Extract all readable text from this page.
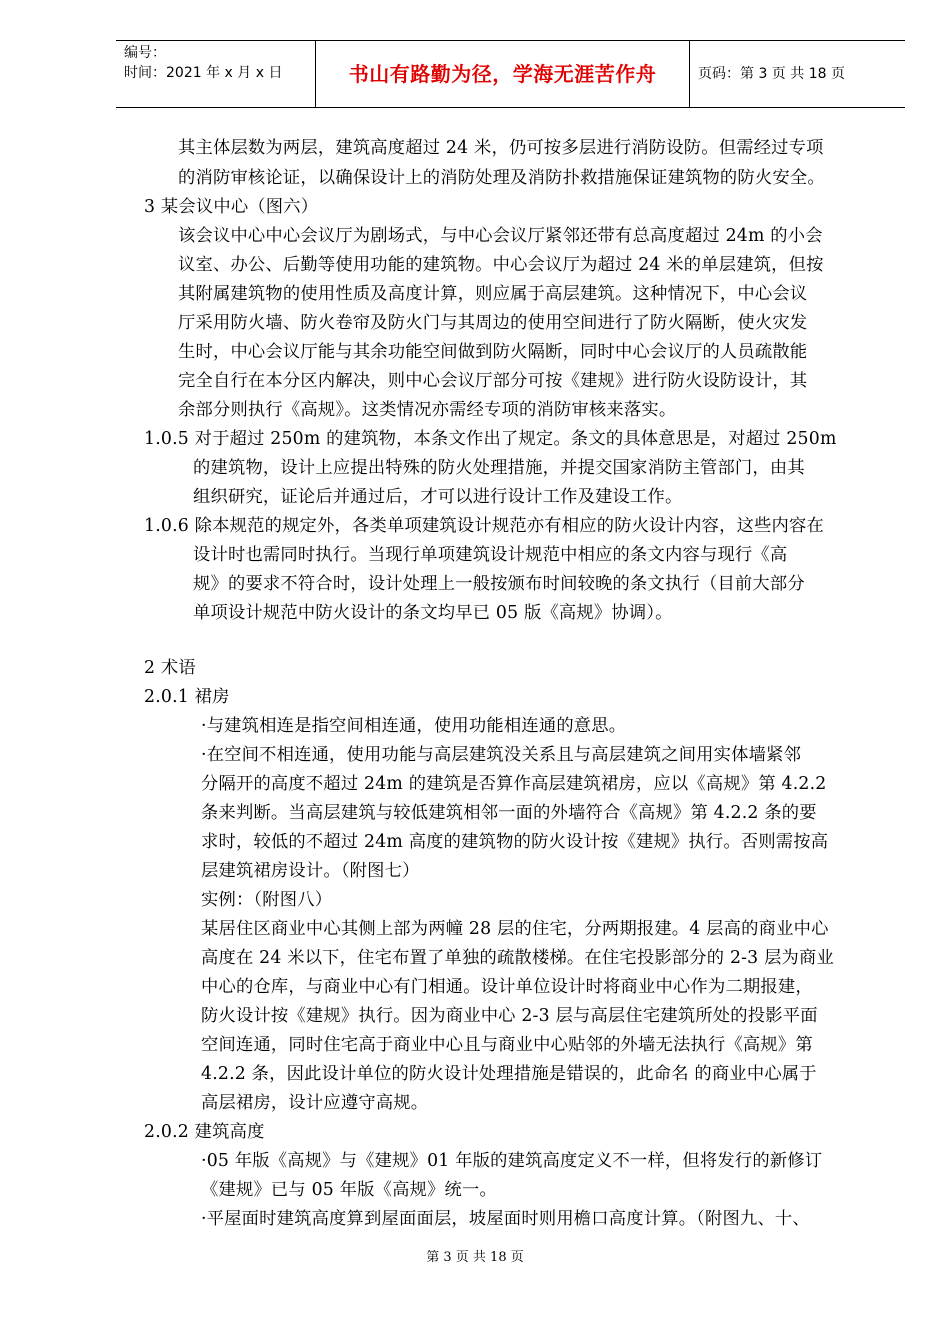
编号：
时间：2021 年 x 月 x 日	书山有路勤为径，学海无涯苦作舟	页码：第 3 页 共 18 页
其主体层数为两层，建筑高度超过 24 米，仍可按多层进行消防设防。但需经过专项
的消防审核论证，以确保设计上的消防处理及消防扑救措施保证建筑物的防火安全。
3 某会议中心（图六）
该会议中心中心会议厅为剧场式，与中心会议厅紧邻还带有总高度超过 24m 的小会
议室、办公、后勤等使用功能的建筑物。中心会议厅为超过 24 米的单层建筑，但按
其附属建筑物的使用性质及高度计算，则应属于高层建筑。这种情况下，中心会议
厅采用防火墙、防火卷帘及防火门与其周边的使用空间进行了防火隔断，使火灾发
生时，中心会议厅能与其余功能空间做到防火隔断，同时中心会议厅的人员疏散能
完全自行在本分区内解决，则中心会议厅部分可按《建规》进行防火设防设计，其
余部分则执行《高规》。这类情况亦需经专项的消防审核来落实。
1.0.5 对于超过 250m 的建筑物，本条文作出了规定。条文的具体意思是，对超过 250m
的建筑物，设计上应提出特殊的防火处理措施，并提交国家消防主管部门，由其
组织研究，证论后并通过后，才可以进行设计工作及建设工作。
1.0.6 除本规范的规定外，各类单项建筑设计规范亦有相应的防火设计内容，这些内容在
设计时也需同时执行。当现行单项建筑设计规范中相应的条文内容与现行《高
规》的要求不符合时，设计处理上一般按颁布时间较晚的条文执行（目前大部分
单项设计规范中防火设计的条文均早已 05 版《高规》协调）。
2 术语
2.0.1 裙房
·与建筑相连是指空间相连通，使用功能相连通的意思。
·在空间不相连通，使用功能与高层建筑没关系且与高层建筑之间用实体墙紧邻
分隔开的高度不超过 24m 的建筑是否算作高层建筑裙房，应以《高规》第 4.2.2
条来判断。当高层建筑与较低建筑相邻一面的外墙符合《高规》第 4.2.2 条的要
求时，较低的不超过 24m 高度的建筑物的防火设计按《建规》执行。否则需按高
层建筑裙房设计。（附图七）
实例：（附图八）
某居住区商业中心其侧上部为两幢 28 层的住宅，分两期报建。4 层高的商业中心
高度在 24 米以下，住宅布置了单独的疏散楼梯。在住宅投影部分的 2-3 层为商业
中心的仓库，与商业中心有门相通。设计单位设计时将商业中心作为二期报建，
防火设计按《建规》执行。因为商业中心 2-3 层与高层住宅建筑所处的投影平面
空间连通，同时住宅高于商业中心且与商业中心贴邻的外墙无法执行《高规》第
4.2.2 条，因此设计单位的防火设计处理措施是错误的，此命名 的商业中心属于
高层裙房，设计应遵守高规。
2.0.2 建筑高度
·05 年版《高规》与《建规》01 年版的建筑高度定义不一样，但将发行的新修订
《建规》已与 05 年版《高规》统一。
·平屋面时建筑高度算到屋面面层，坡屋面时则用檐口高度计算。（附图九、十、
第 3 页 共 18 页
